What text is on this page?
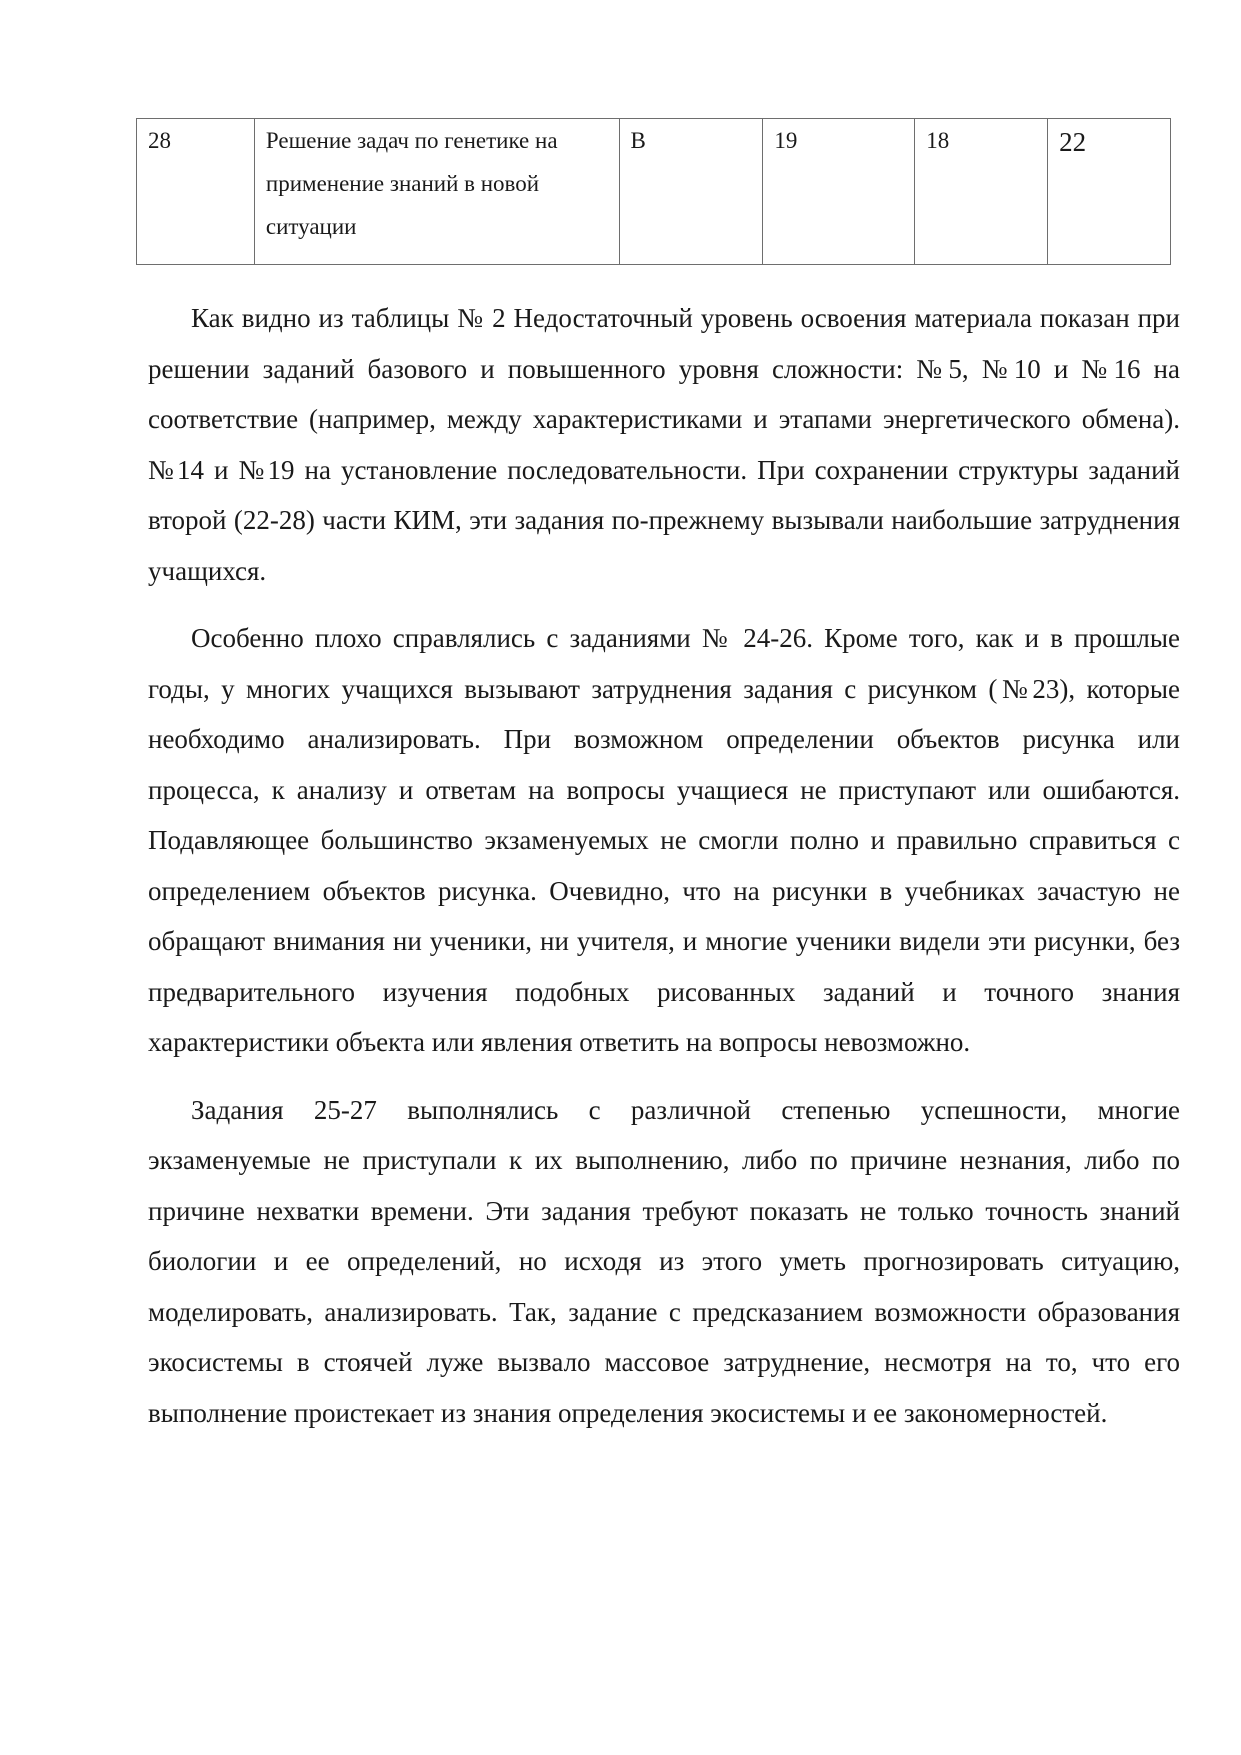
28	Решение задач по генетике на применение знаний в новой ситуации	В	19	18	22

Как видно из таблицы № 2 Недостаточный уровень освоения материала показан при решении заданий базового и повышенного уровня сложности: №5, №10 и №16 на соответствие (например, между характеристиками и этапами энергетического обмена). №14 и №19 на установление последовательности. При сохранении структуры заданий второй (22-28) части КИМ, эти задания по-прежнему вызывали наибольшие затруднения учащихся.

Особенно плохо справлялись с заданиями № 24-26. Кроме того, как и в прошлые годы, у многих учащихся вызывают затруднения задания с рисунком (№23), которые необходимо анализировать. При возможном определении объектов рисунка или процесса, к анализу и ответам на вопросы учащиеся не приступают или ошибаются. Подавляющее большинство экзаменуемых не смогли полно и правильно справиться с определением объектов рисунка. Очевидно, что на рисунки в учебниках зачастую не обращают внимания ни ученики, ни учителя, и многие ученики видели эти рисунки, без предварительного изучения подобных рисованных заданий и точного знания характеристики объекта или явления ответить на вопросы невозможно.

Задания 25-27 выполнялись с различной степенью успешности, многие экзаменуемые не приступали к их выполнению, либо по причине незнания, либо по причине нехватки времени. Эти задания требуют показать не только точность знаний биологии и ее определений, но исходя из этого уметь прогнозировать ситуацию, моделировать, анализировать. Так, задание с предсказанием возможности образования экосистемы в стоячей луже вызвало массовое затруднение, несмотря на то, что его выполнение проистекает из знания определения экосистемы и ее закономерностей.
